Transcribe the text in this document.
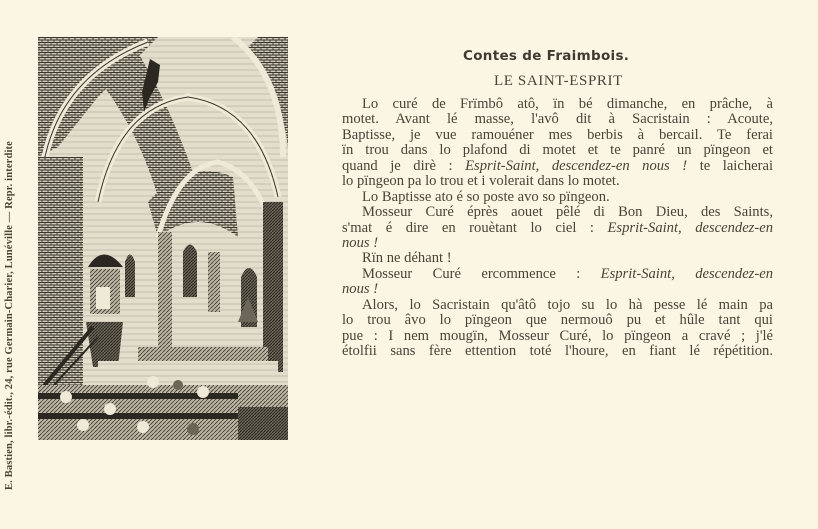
E. Bastien, libr.-édit., 24, rue Germain-Charier, Lunéville — Repr. interdite
Contes de Fraimbois.
LE SAINT-ESPRIT
Lo curé de Frïmbô atô, ïn bé dimanche, en prâche, à
motet. Avant lé masse, l'avô dit à Sacristain : Acoute,
Baptisse, je vue ramouéner mes berbis à bercail. Te ferai
ïn trou dans lo plafond di motet et te panré un pïngeon et
quand je dirè : Esprit-Saint, descendez-en nous ! te laicherai
lo pïngeon pa lo trou et i volerait dans lo motet.
Lo Baptisse ato é so poste avo so pïngeon.
Mosseur Curé éprès aouet pêlé di Bon Dieu, des Saints,
s'mat é dire en rouètant lo ciel : Esprit-Saint, descendez-en
nous !
Rïn ne déhant !
Mosseur Curé ercommence : Esprit-Saint, descendez-en
nous !
Alors, lo Sacristain qu'âtô tojo su lo hà pesse lé main pa
lo trou âvo lo pïngeon que nermouô pu et hûle tant qui
pue : I nem mougïn, Mosseur Curé, lo pïngeon a cravé ; j'lé
étolfii sans fère ettention toté l'houre, en fiant lé répétition.
